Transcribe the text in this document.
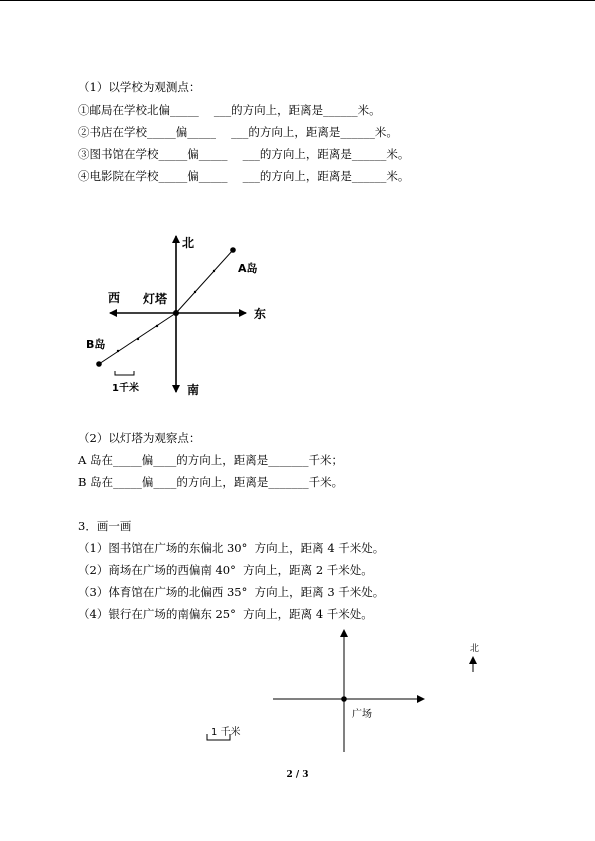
（1）以学校为观测点：
①邮局在学校北偏_____　 ___的方向上，距离是______米。
②书店在学校_____偏_____　 ___的方向上，距离是______米。
③图书馆在学校_____偏_____　 ___的方向上，距离是______米。
④电影院在学校_____偏_____　 ___的方向上，距离是______米。
北
南
东
西 灯塔
A岛
B岛
1千米
（2）以灯塔为观察点：
A 岛在_____偏____的方向上，距离是_______千米；
B 岛在_____偏____的方向上，距离是_______千米。
3．画一画
（1）图书馆在广场的东偏北 30°  方向上，距离 4 千米处。
（2）商场在广场的西偏南 40°  方向上，距离 2 千米处。
（3）体育馆在广场的北偏西 35°  方向上，距离 3 千米处。
（4）银行在广场的南偏东 25°  方向上，距离 4 千米处。
广场
北
1 千米
2 / 3
